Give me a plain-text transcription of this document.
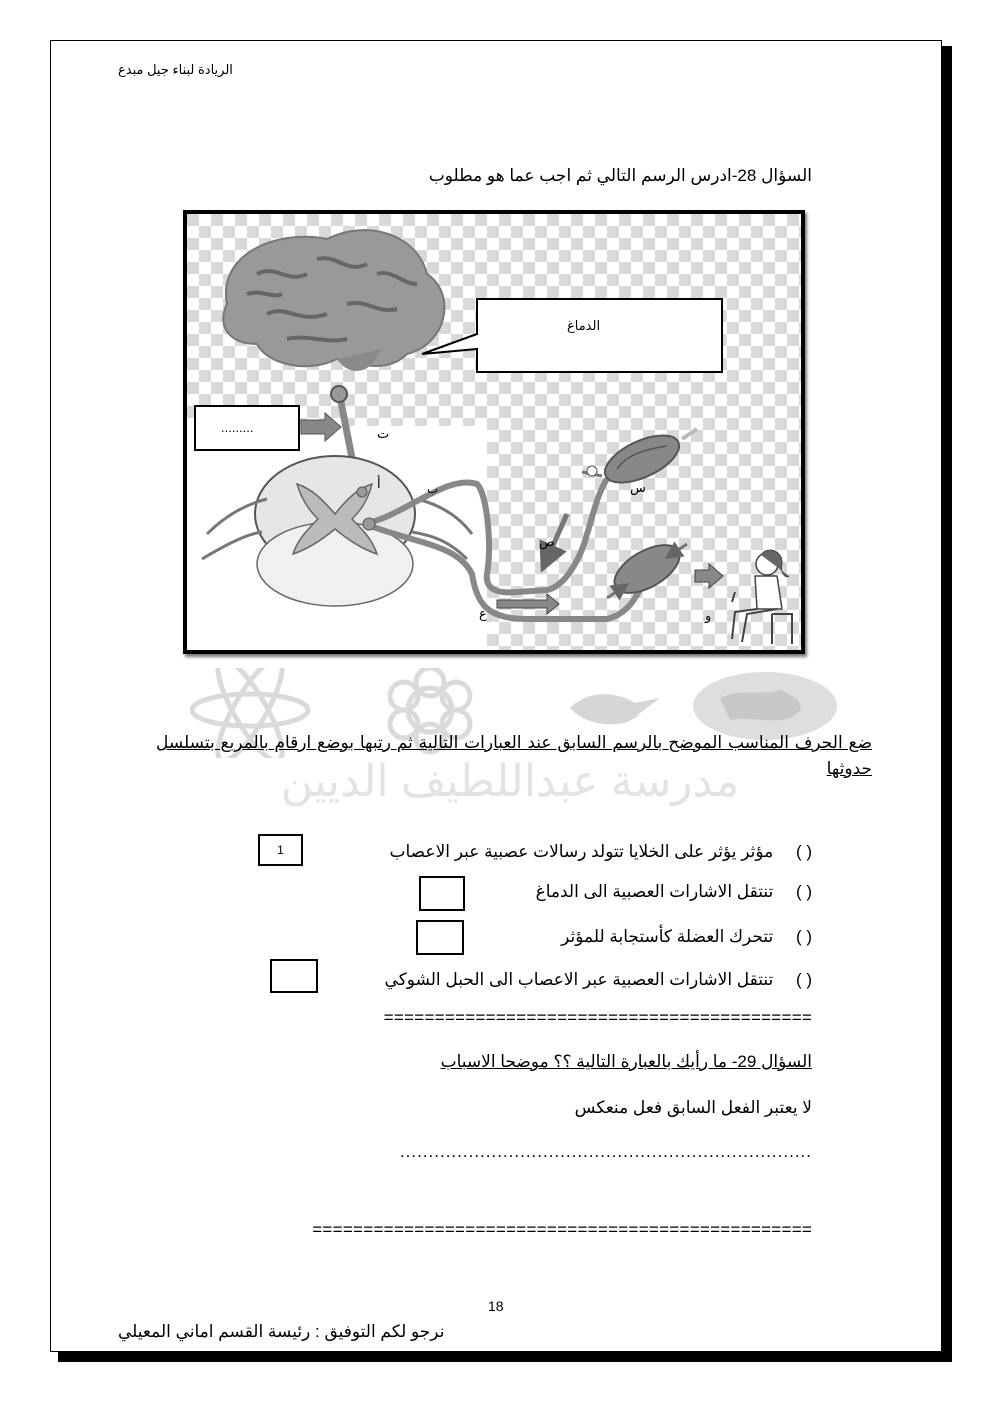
الريادة لبناء جيل مبدع
السؤال 28-ادرس الرسم التالي ثم اجب عما هو مطلوب
الدماغ
.........	ت
أ	ب	س
ص
ع	و
مدرسة عبداللطيف الديين
ضع الحرف المناسب الموضح بالرسم السابق عند العبارات التالية ثم رتبها بوضع ارقام بالمربع بتسلسل حدوثها
( ) مؤثر يؤثر على الخلايا تتولد رسالات عصبية عبر الاعصاب
1
( ) تنتقل الاشارات العصبية الى الدماغ
( ) تتحرك العضلة كأستجابة للمؤثر
( ) تنتقل الاشارات العصبية عبر الاعصاب الى الحبل الشوكي
==========================================
السؤال 29- ما رأيك بالعبارة التالية ؟؟ موضحا الاسباب
لا يعتبر الفعل السابق فعل منعكس
........................................................................
=================================================
18
نرجو لكم التوفيق : رئيسة القسم اماني المعيلي
